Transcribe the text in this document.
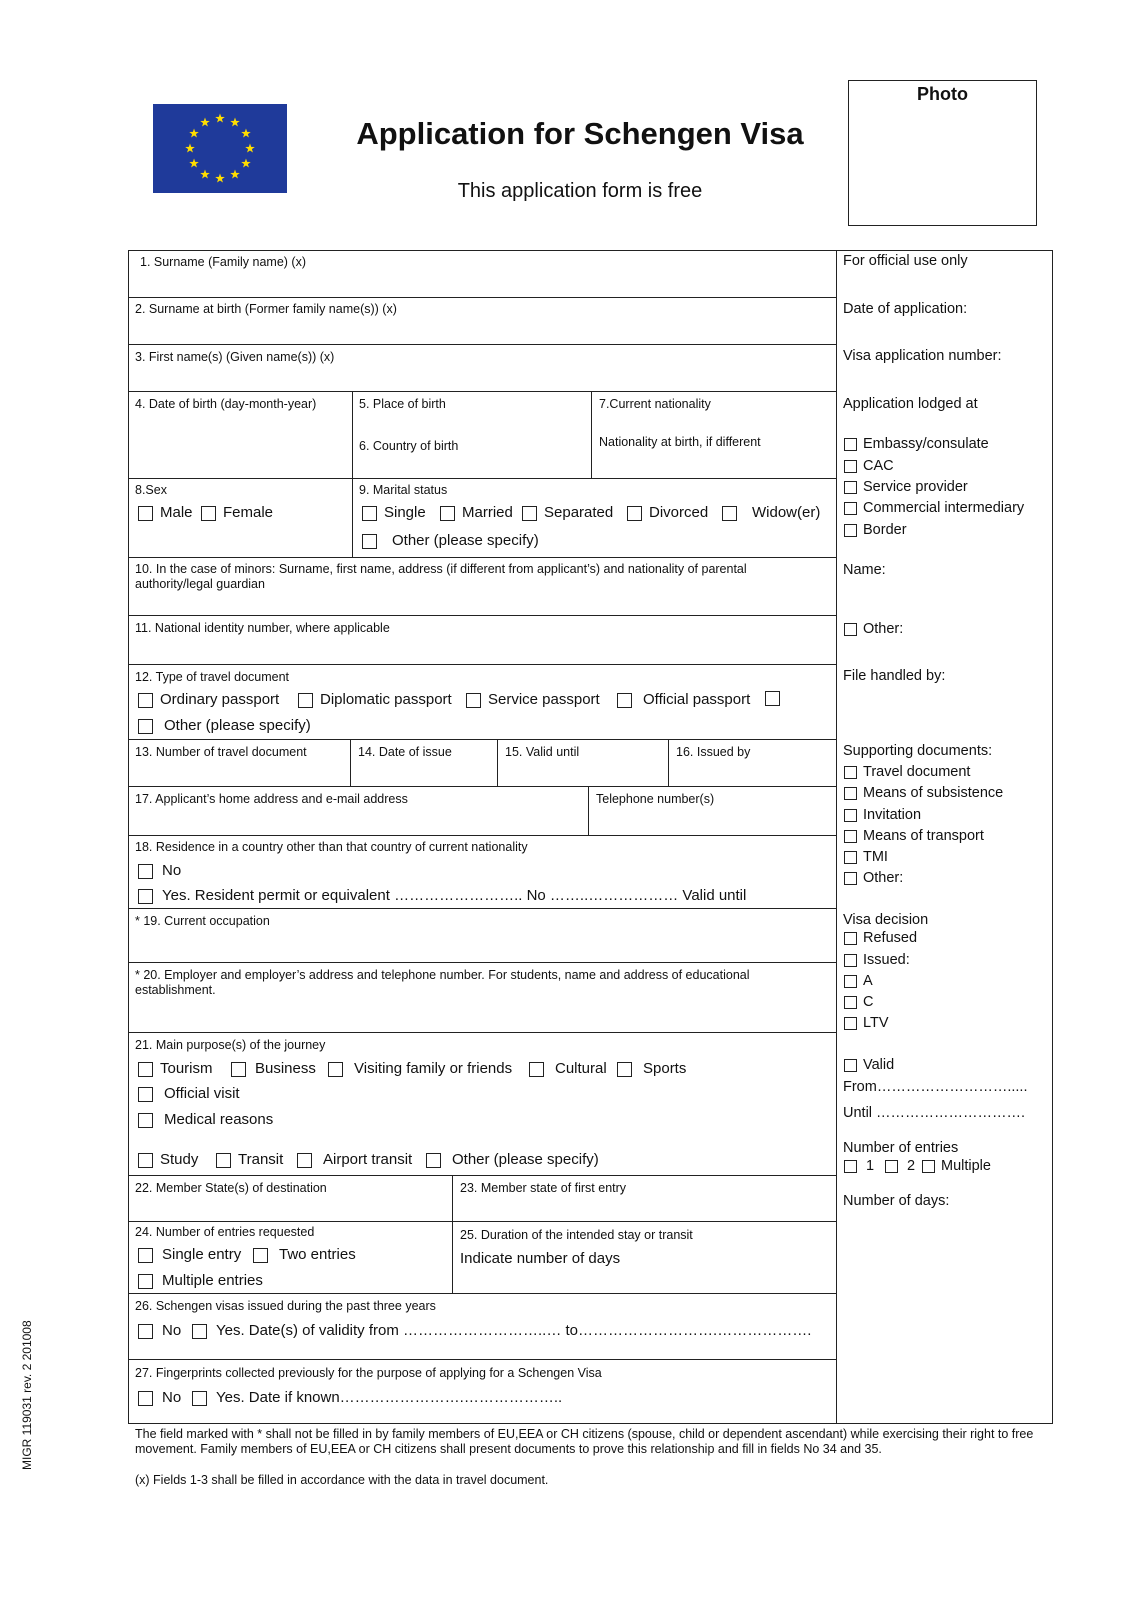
Application for Schengen Visa
This application form is free
Photo
1. Surname (Family name) (x)
2. Surname at birth (Former family name(s)) (x)
3. First name(s) (Given name(s)) (x)
4. Date of birth (day-month-year)	5. Place of birth
6. Country of birth
7.Current nationality
Nationality at birth, if different
8.Sex
Male Female
9. Marital status
Single Married Separated Divorced	Widow(er)
Other (please specify)
10. In the case of minors: Surname, first name, address (if different from applicant’s) and nationality of parental authority/legal guardian
11. National identity number, where applicable
12. Type of travel document
Ordinary passport	Diplomatic passport Service passport	Official passport
Other (please specify)
13. Number of travel document	14. Date of issue	15. Valid until	16. Issued by
17. Applicant’s home address and e-mail address	Telephone number(s)
18. Residence in a country other than that country of current nationality
No
Yes. Resident permit or equivalent …………………….. No ……..……………… Valid until
* 19. Current occupation
* 20. Employer and employer’s address and telephone number. For students, name and address of educational establishment.
21. Main purpose(s) of the journey
Tourism	Business	Visiting family or friends	Cultural Sports
Official visit
Medical reasons
Study	Transit	Airport transit	Other (please specify)
22. Member State(s) of destination	23. Member state of first entry
24. Number of entries requested
Single entry	Two entries
Multiple entries
25. Duration of the intended stay or transit
Indicate number of days
26. Schengen visas issued during the past three years
No Yes. Date(s) of validity from ………………………..… to……………………….……………….
27. Fingerprints collected previously for the purpose of applying for a Schengen Visa
No Yes. Date if known…………………….………………..
For official use only
Date of application:
Visa application number:
Application lodged at
Embassy/consulate
CAC
Service provider
Commercial intermediary
Border
Name:
Other:
File handled by:
Supporting documents:
Travel document
Means of subsistence
Invitation
Means of transport
TMI
Other:
Visa decision
Refused
Issued:
A
C
LTV
Valid
From……………………….....
Until ………………………….
Number of entries
1 2 Multiple
Number of days:
The field marked with * shall not be filled in by family members of EU,EEA or CH citizens (spouse, child or dependent ascendant) while exercising their right to free movement. Family members of EU,EEA or CH citizens shall present documents to prove this relationship and fill in fields No 34 and 35.
(x) Fields 1-3 shall be filled in accordance with the data in travel document.
MIGR 119031 rev. 2 201008
